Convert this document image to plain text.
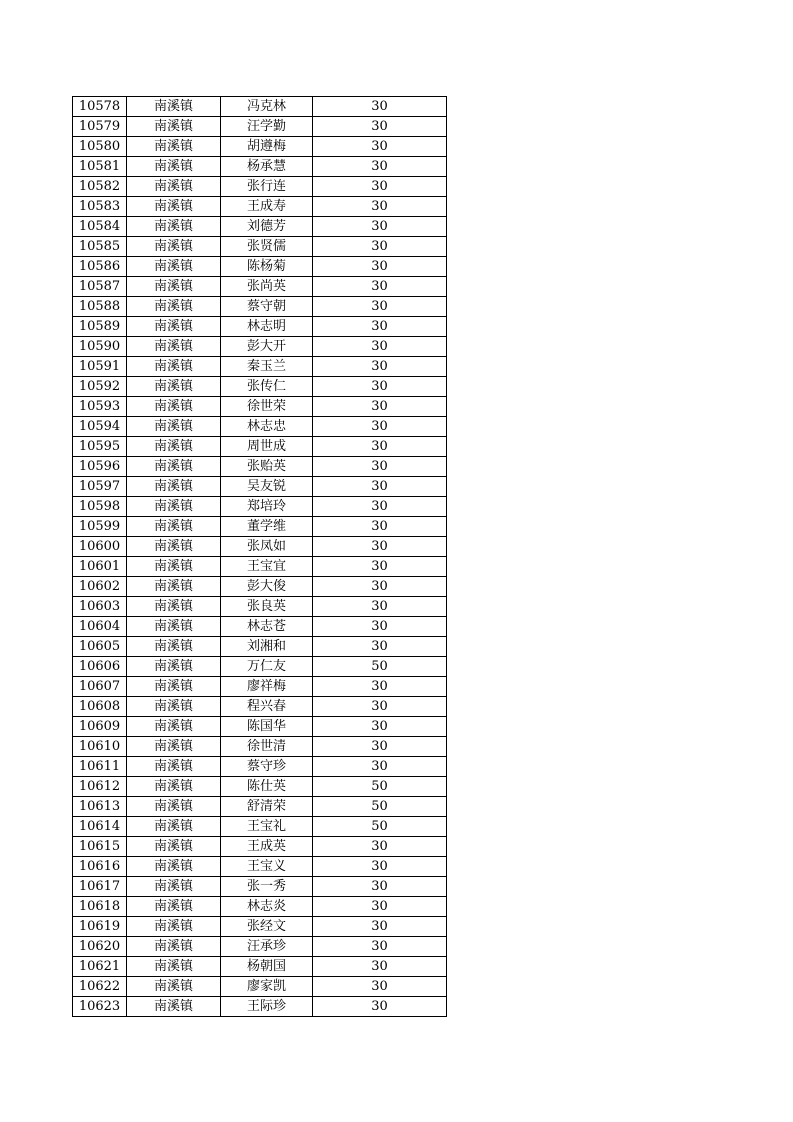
10578	南溪镇	冯克林	30
10579	南溪镇	汪学勤	30
10580	南溪镇	胡遵梅	30
10581	南溪镇	杨承慧	30
10582	南溪镇	张行连	30
10583	南溪镇	王成寿	30
10584	南溪镇	刘德芳	30
10585	南溪镇	张贤儒	30
10586	南溪镇	陈杨菊	30
10587	南溪镇	张尚英	30
10588	南溪镇	蔡守朝	30
10589	南溪镇	林志明	30
10590	南溪镇	彭大开	30
10591	南溪镇	秦玉兰	30
10592	南溪镇	张传仁	30
10593	南溪镇	徐世荣	30
10594	南溪镇	林志忠	30
10595	南溪镇	周世成	30
10596	南溪镇	张贻英	30
10597	南溪镇	吴友锐	30
10598	南溪镇	郑培玲	30
10599	南溪镇	董学维	30
10600	南溪镇	张凤如	30
10601	南溪镇	王宝宜	30
10602	南溪镇	彭大俊	30
10603	南溪镇	张良英	30
10604	南溪镇	林志苍	30
10605	南溪镇	刘湘和	30
10606	南溪镇	万仁友	50
10607	南溪镇	廖祥梅	30
10608	南溪镇	程兴春	30
10609	南溪镇	陈国华	30
10610	南溪镇	徐世清	30
10611	南溪镇	蔡守珍	30
10612	南溪镇	陈仕英	50
10613	南溪镇	舒清荣	50
10614	南溪镇	王宝礼	50
10615	南溪镇	王成英	30
10616	南溪镇	王宝义	30
10617	南溪镇	张一秀	30
10618	南溪镇	林志炎	30
10619	南溪镇	张经文	30
10620	南溪镇	汪承珍	30
10621	南溪镇	杨朝国	30
10622	南溪镇	廖家凯	30
10623	南溪镇	王际珍	30
